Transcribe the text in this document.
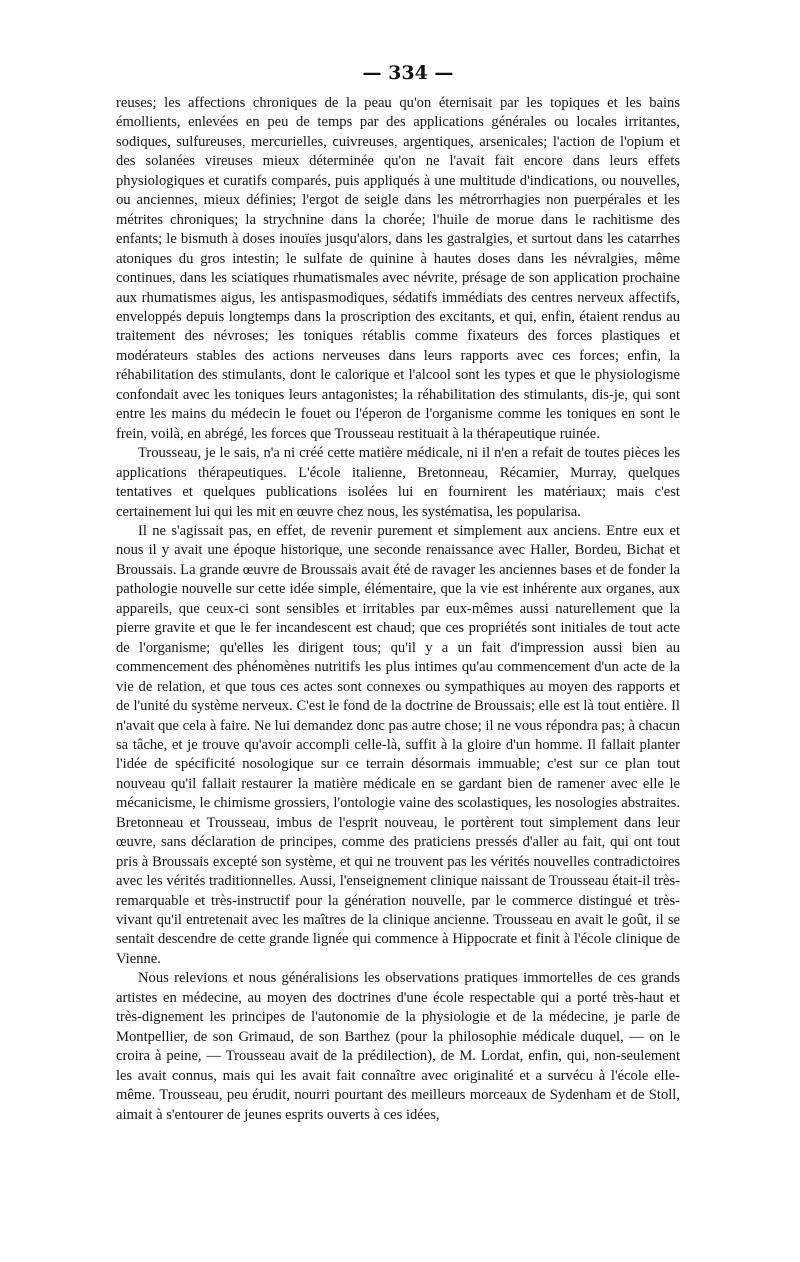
— 334 —

reuses; les affections chroniques de la peau qu'on éternisait par les topiques et les bains émollients, enlevées en peu de temps par des applications générales ou locales irritantes, sodiques, sulfureuses, mercurielles, cuivreuses, argentiques, arsenicales; l'action de l'opium et des solanées vireuses mieux déterminée qu'on ne l'avait fait encore dans leurs effets physiologiques et curatifs comparés, puis appliqués à une multitude d'indications, ou nouvelles, ou anciennes, mieux définies; l'ergot de seigle dans les métrorrhagies non puerpérales et les métrites chroniques; la strychnine dans la chorée; l'huile de morue dans le rachitisme des enfants; le bismuth à doses inouïes jusqu'alors, dans les gastralgies, et surtout dans les catarrhes atoniques du gros intestin; le sulfate de quinine à hautes doses dans les névralgies, même continues, dans les sciatiques rhumatismales avec névrite, présage de son application prochaine aux rhumatismes aigus, les antispasmodiques, sédatifs immédiats des centres nerveux affectifs, enveloppés depuis longtemps dans la proscription des excitants, et qui, enfin, étaient rendus au traitement des névroses; les toniques rétablis comme fixateurs des forces plastiques et modérateurs stables des actions nerveuses dans leurs rapports avec ces forces; enfin, la réhabilitation des stimulants, dont le calorique et l'alcool sont les types et que le physiologisme confondait avec les toniques leurs antagonistes; la réhabilitation des stimulants, dis-je, qui sont entre les mains du médecin le fouet ou l'éperon de l'organisme comme les toniques en sont le frein, voilà, en abrégé, les forces que Trousseau restituait à la thérapeutique ruinée.

Trousseau, je le sais, n'a ni créé cette matière médicale, ni il n'en a refait de toutes pièces les applications thérapeutiques. L'école italienne, Bretonneau, Récamier, Murray, quelques tentatives et quelques publications isolées lui en fournirent les matériaux; mais c'est certainement lui qui les mit en œuvre chez nous, les systématisa, les popularisa.

Il ne s'agissait pas, en effet, de revenir purement et simplement aux anciens. Entre eux et nous il y avait une époque historique, une seconde renaissance avec Haller, Bordeu, Bichat et Broussais. La grande œuvre de Broussais avait été de ravager les anciennes bases et de fonder la pathologie nouvelle sur cette idée simple, élémentaire, que la vie est inhérente aux organes, aux appareils, que ceux-ci sont sensibles et irritables par eux-mêmes aussi naturellement que la pierre gravite et que le fer incandescent est chaud; que ces propriétés sont initiales de tout acte de l'organisme; qu'elles les dirigent tous; qu'il y a un fait d'impression aussi bien au commencement des phénomènes nutritifs les plus intimes qu'au commencement d'un acte de la vie de relation, et que tous ces actes sont connexes ou sympathiques au moyen des rapports et de l'unité du système nerveux. C'est le fond de la doctrine de Broussais; elle est là tout entière. Il n'avait que cela à faire. Ne lui demandez donc pas autre chose; il ne vous répondra pas; à chacun sa tâche, et je trouve qu'avoir accompli celle-là, suffit à la gloire d'un homme. Il fallait planter l'idée de spécificité nosologique sur ce terrain désormais immuable; c'est sur ce plan tout nouveau qu'il fallait restaurer la matière médicale en se gardant bien de ramener avec elle le mécanicisme, le chimisme grossiers, l'ontologie vaine des scolastiques, les nosologies abstraites. Bretonneau et Trousseau, imbus de l'esprit nouveau, le portèrent tout simplement dans leur œuvre, sans déclaration de principes, comme des praticiens pressés d'aller au fait, qui ont tout pris à Broussais excepté son système, et qui ne trouvent pas les vérités nouvelles contradictoires avec les vérités traditionnelles. Aussi, l'enseignement clinique naissant de Trousseau était-il très-remarquable et très-instructif pour la génération nouvelle, par le commerce distingué et très-vivant qu'il entretenait avec les maîtres de la clinique ancienne. Trousseau en avait le goût, il se sentait descendre de cette grande lignée qui commence à Hippocrate et finit à l'école clinique de Vienne.

Nous relevions et nous généralisions les observations pratiques immortelles de ces grands artistes en médecine, au moyen des doctrines d'une école respectable qui a porté très-haut et très-dignement les principes de l'autonomie de la physiologie et de la médecine, je parle de Montpellier, de son Grimaud, de son Barthez (pour la philosophie médicale duquel, — on le croira à peine, — Trousseau avait de la prédilection), de M. Lordat, enfin, qui, non-seulement les avait connus, mais qui les avait fait connaître avec originalité et a survécu à l'école elle-même. Trousseau, peu érudit, nourri pourtant des meilleurs morceaux de Sydenham et de Stoll, aimait à s'entourer de jeunes esprits ouverts à ces idées,
